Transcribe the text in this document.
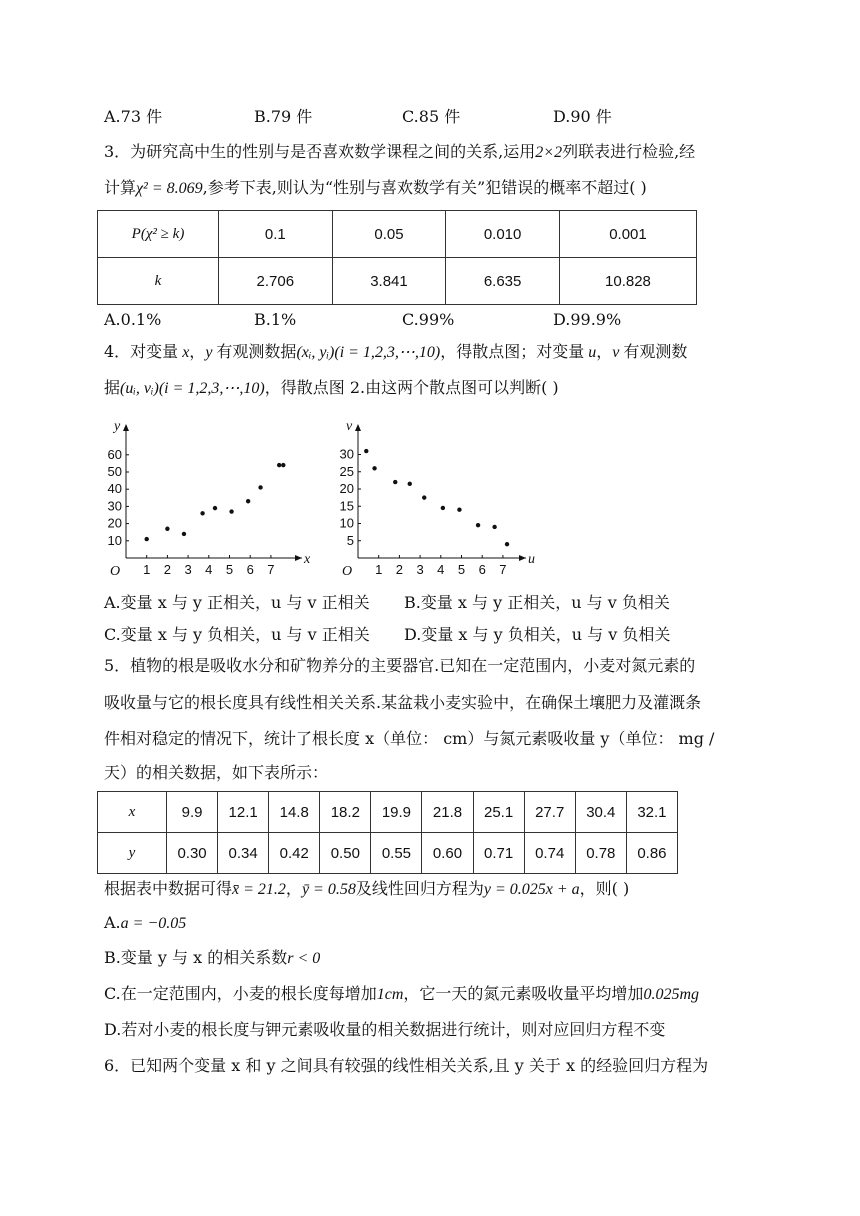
A.73 件	B.79 件	C.85 件	D.90 件
3．为研究高中生的性别与是否喜欢数学课程之间的关系,运用2×2列联表进行检验,经
计算χ² = 8.069,参考下表,则认为“性别与喜欢数学有关”犯错误的概率不超过( )
P(χ² ≥ k)	0.1	0.05	0.010	0.001
k	2.706	3.841	6.635	10.828
A.0.1%	B.1%	C.99%	D.99.9%
4．对变量 x，y 有观测数据(xᵢ, yᵢ)(i = 1,2,3,⋯,10)，得散点图；对变量 u，v 有观测数
据(uᵢ, vᵢ)(i = 1,2,3,⋯,10)，得散点图 2.由这两个散点图可以判断( )
x
y
O 1 2 3 4 5 6 7
10
20
30
40
50
60
u
v
O 1 2 3 4 5 6 7
5
10
15
20
25
30
A.变量 x 与 y 正相关，u 与 v 正相关 B.变量 x 与 y 正相关，u 与 v 负相关
C.变量 x 与 y 负相关，u 与 v 正相关 D.变量 x 与 y 负相关，u 与 v 负相关
5．植物的根是吸收水分和矿物养分的主要器官.已知在一定范围内，小麦对氮元素的
吸收量与它的根长度具有线性相关关系.某盆栽小麦实验中，在确保土壤肥力及灌溉条
件相对稳定的情况下，统计了根长度 x（单位： cm）与氮元素吸收量 y（单位： mg /
天）的相关数据，如下表所示：
x	9.9	12.1	14.8	18.2	19.9	21.8	25.1	27.7	30.4	32.1
y	0.30	0.34	0.42	0.50	0.55	0.60	0.71	0.74	0.78	0.86
根据表中数据可得x̄ = 21.2，ȳ = 0.58及线性回归方程为y = 0.025x + a，则( )
A.a = −0.05
B.变量 y 与 x 的相关系数r < 0
C.在一定范围内，小麦的根长度每增加1cm，它一天的氮元素吸收量平均增加0.025mg
D.若对小麦的根长度与钾元素吸收量的相关数据进行统计，则对应回归方程不变
6．已知两个变量 x 和 y 之间具有较强的线性相关关系,且 y 关于 x 的经验回归方程为
